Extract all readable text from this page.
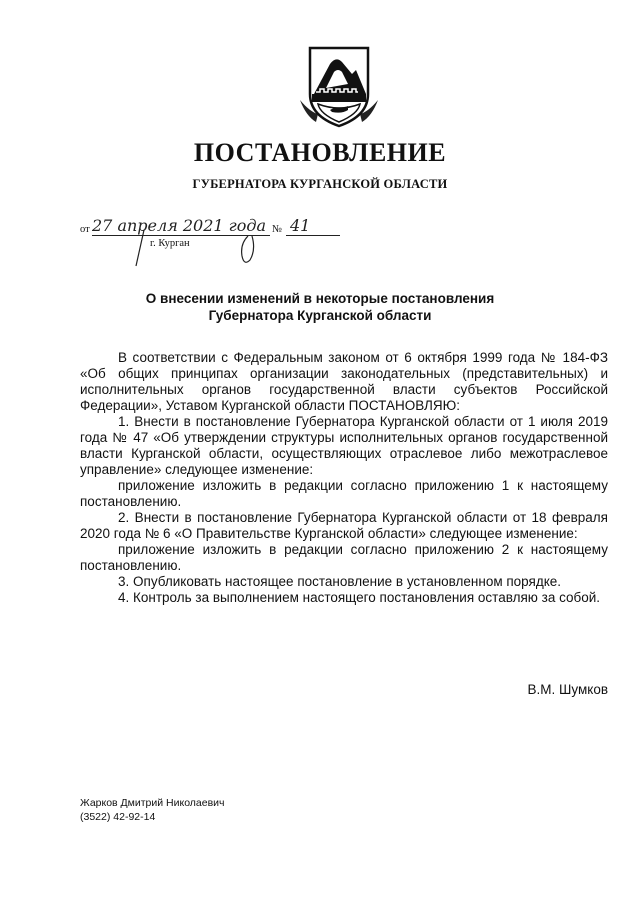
ПОСТАНОВЛЕНИЕ
ГУБЕРНАТОРА КУРГАНСКОЙ ОБЛАСТИ
от 27 апреля 2021 года № 41
г. Курган
О внесении изменений в некоторые постановления
Губернатора Курганской области

В соответствии с Федеральным законом от 6 октября 1999 года № 184-ФЗ «Об общих принципах организации законодательных (представительных) и исполнительных органов государственной власти субъектов Российской Федерации», Уставом Курганской области ПОСТАНОВЛЯЮ:

1. Внести в постановление Губернатора Курганской области от 1 июля 2019 года № 47 «Об утверждении структуры исполнительных органов государственной власти Курганской области, осуществляющих отраслевое либо межотраслевое управление» следующее изменение:

приложение изложить в редакции согласно приложению 1 к настоящему постановлению.

2. Внести в постановление Губернатора Курганской области от 18 февраля 2020 года № 6 «О Правительстве Курганской области» следующее изменение:

приложение изложить в редакции согласно приложению 2 к настоящему постановлению.

3. Опубликовать настоящее постановление в установленном порядке.

4. Контроль за выполнением настоящего постановления оставляю за собой.

В.М. Шумков
Жарков Дмитрий Николаевич
(3522) 42-92-14
